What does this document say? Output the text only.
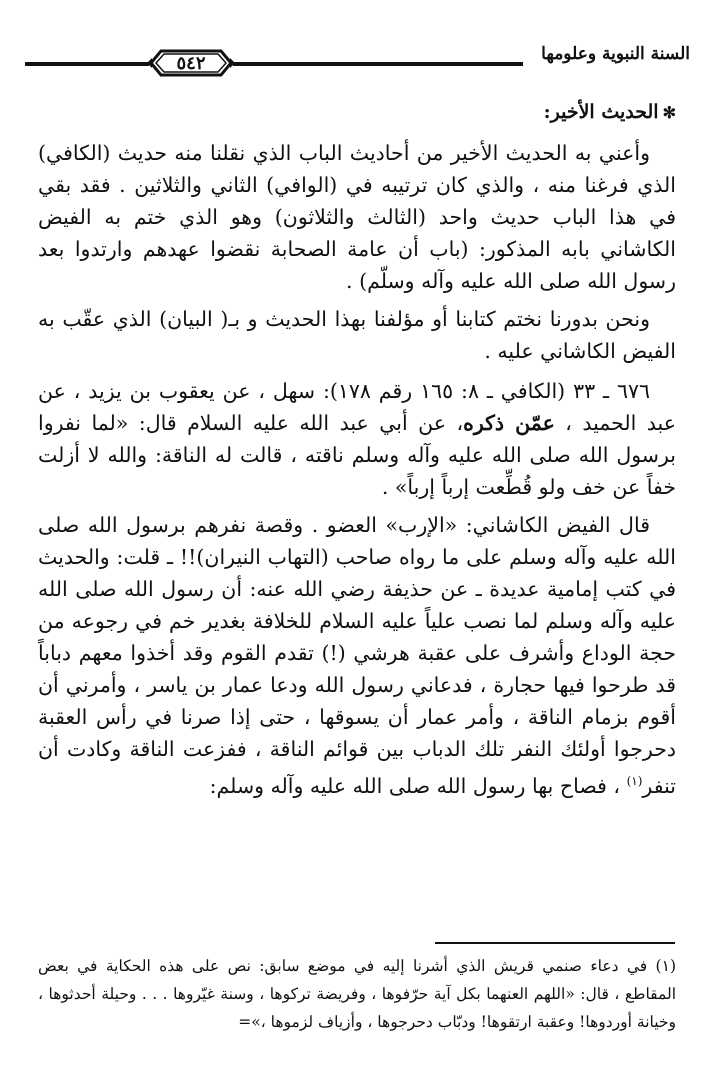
٥٤٢	السنة النبوية وعلومها
✻الحديث الأخير:

وأعني به الحديث الأخير من أحاديث الباب الذي نقلنا منه حديث (الكافي) الذي فرغنا منه ، والذي كان ترتيبه في (الوافي) الثاني والثلاثين . فقد بقي في هذا الباب حديث واحد (الثالث والثلاثون) وهو الذي ختم به الفيض الكاشاني بابه المذكور: (باب أن عامة الصحابة نقضوا عهدهم وارتدوا بعد رسول الله صلى الله عليه وآله وسلّم) .

ونحن بدورنا نختم كتابنا أو مؤلفنا بهذا الحديث و بـ( البيان) الذي عقّب به الفيض الكاشاني عليه .

٦٧٦ ـ ٣٣ (الكافي ـ ٨: ١٦٥ رقم ١٧٨): سهل ، عن يعقوب بن يزيد ، عن عبد الحميد ، عمّن ذكره، عن أبي عبد الله عليه السلام قال: «لما نفروا برسول الله صلى الله عليه وآله وسلم ناقته ، قالت له الناقة: والله لا أزلت خفاً عن خف ولو قُطِّعت إرباً إرباً» .

قال الفيض الكاشاني: «الإرب» العضو . وقصة نفرهم برسول الله صلى الله عليه وآله وسلم على ما رواه صاحب (التهاب النيران)!! ـ قلت: والحديث في كتب إمامية عديدة ـ عن حذيفة رضي الله عنه: أن رسول الله صلى الله عليه وآله وسلم لما نصب علياً عليه السلام للخلافة بغدير خم في رجوعه من حجة الوداع وأشرف على عقبة هرشي (!) تقدم القوم وقد أخذوا معهم دباباً قد طرحوا فيها حجارة ، فدعاني رسول الله ودعا عمار بن ياسر ، وأمرني أن أقوم بزمام الناقة ، وأمر عمار أن يسوقها ، حتى إذا صرنا في رأس العقبة دحرجوا أولئك النفر تلك الدباب بين قوائم الناقة ، ففزعت الناقة وكادت أن تنفر$^{(١)}$ ، فصاح بها رسول الله صلى الله عليه وآله وسلم:

(١) في دعاء صنمي قريش الذي أشرنا إليه في موضع سابق: نص على هذه الحكاية في بعض المقاطع ، قال: «اللهم العنهما بكل آية حرّفوها ، وفريضة تركوها ، وسنة غيّروها . . . وحيلة أحدثوها ، وخيانة أوردوها! وعقبة ارتقوها! ودبّاب دحرجوها ، وأزياف لزموها ،»=
